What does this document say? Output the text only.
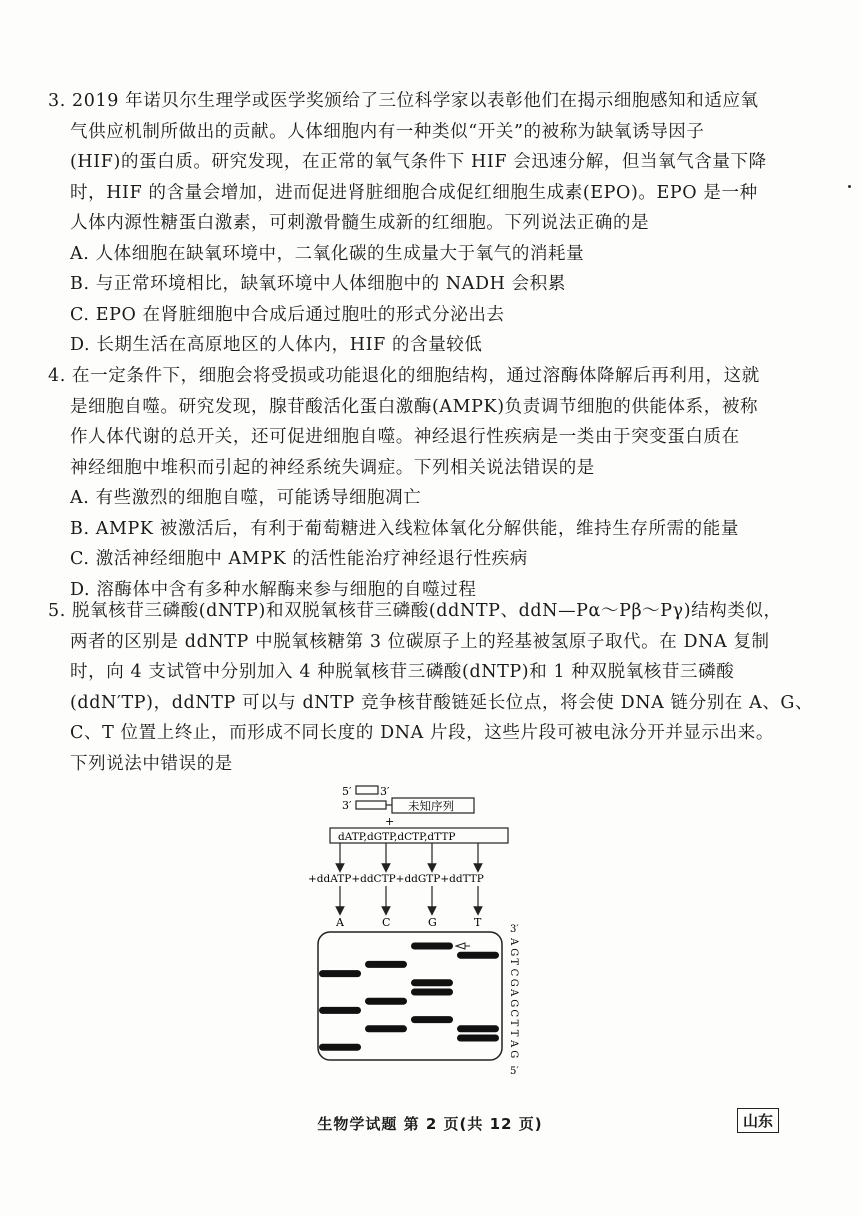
3. 2019 年诺贝尔生理学或医学奖颁给了三位科学家以表彰他们在揭示细胞感知和适应氧

气供应机制所做出的贡献。人体细胞内有一种类似“开关”的被称为缺氧诱导因子

(HIF)的蛋白质。研究发现，在正常的氧气条件下 HIF 会迅速分解，但当氧气含量下降

时，HIF 的含量会增加，进而促进肾脏细胞合成促红细胞生成素(EPO)。EPO 是一种

人体内源性糖蛋白激素，可刺激骨髓生成新的红细胞。下列说法正确的是

A. 人体细胞在缺氧环境中，二氧化碳的生成量大于氧气的消耗量

B. 与正常环境相比，缺氧环境中人体细胞中的 NADH 会积累

C. EPO 在肾脏细胞中合成后通过胞吐的形式分泌出去

D. 长期生活在高原地区的人体内，HIF 的含量较低

4. 在一定条件下，细胞会将受损或功能退化的细胞结构，通过溶酶体降解后再利用，这就

是细胞自噬。研究发现，腺苷酸活化蛋白激酶(AMPK)负责调节细胞的供能体系，被称

作人体代谢的总开关，还可促进细胞自噬。神经退行性疾病是一类由于突变蛋白质在

神经细胞中堆积而引起的神经系统失调症。下列相关说法错误的是

A. 有些激烈的细胞自噬，可能诱导细胞凋亡

B. AMPK 被激活后，有利于葡萄糖进入线粒体氧化分解供能，维持生存所需的能量

C. 激活神经细胞中 AMPK 的活性能治疗神经退行性疾病

D. 溶酶体中含有多种水解酶来参与细胞的自噬过程

5. 脱氧核苷三磷酸(dNTP)和双脱氧核苷三磷酸(ddNTP、ddN—Pα～Pβ～Pγ)结构类似，

两者的区别是 ddNTP 中脱氧核糖第 3 位碳原子上的羟基被氢原子取代。在 DNA 复制

时，向 4 支试管中分别加入 4 种脱氧核苷三磷酸(dNTP)和 1 种双脱氧核苷三磷酸

(ddN′TP)，ddNTP 可以与 dNTP 竞争核苷酸链延长位点，将会使 DNA 链分别在 A、G、

C、T 位置上终止，而形成不同长度的 DNA 片段，这些片段可被电泳分开并显示出来。

下列说法中错误的是

5′	3′
3′	未知序列
+
dATP,dGTP,dCTP,dTTP
+ddATP+ddCTP+ddGTP+ddTTP
A	C	G	T
3′
A
G
T
C
G
A
G
C
T
T
A
G
5′
生物学试题 第 2 页(共 12 页)	山东
